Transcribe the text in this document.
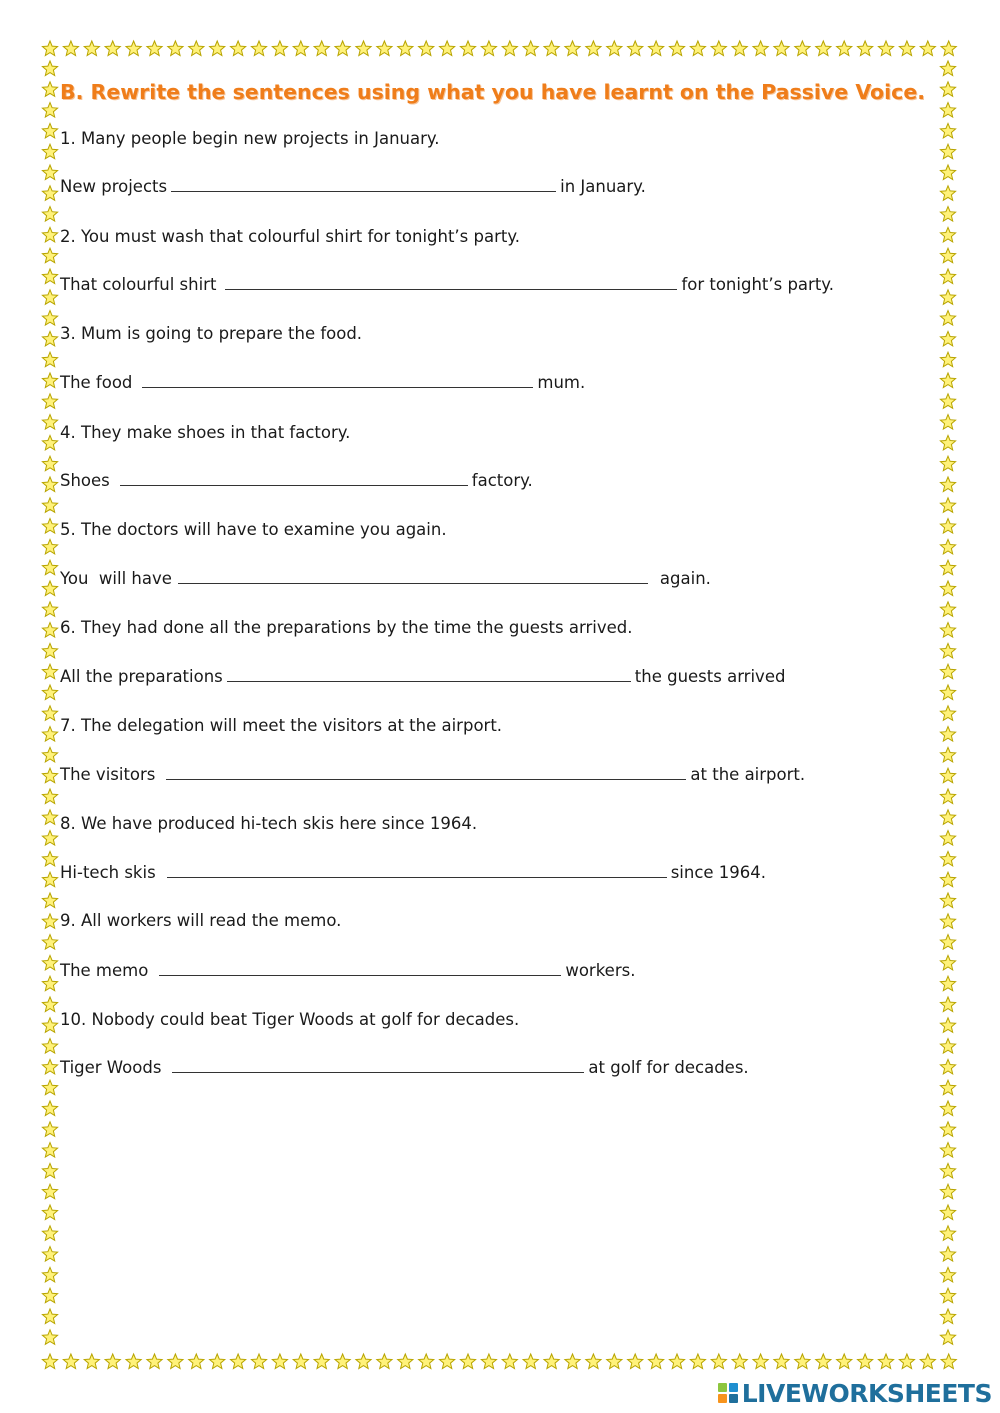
B. Rewrite the sentences using what you have learnt on the Passive Voice.
1. Many people begin new projects in January.
New projects	in January.
2. You must wash that colourful shirt for tonight’s party.
That colourful shirt	for tonight’s party.
3. Mum is going to prepare the food.
The food	mum.
4. They make shoes in that factory.
Shoes	factory.
5. The doctors will have to examine you again.
You  will have	again.
6. They had done all the preparations by the time the guests arrived.
All the preparations	the guests arrived
7. The delegation will meet the visitors at the airport.
The visitors	at the airport.
8. We have produced hi-tech skis here since 1964.
Hi-tech skis	since 1964.
9. All workers will read the memo.
The memo	workers.
10. Nobody could beat Tiger Woods at golf for decades.
Tiger Woods	at golf for decades.
LIVEWORKSHEETS
